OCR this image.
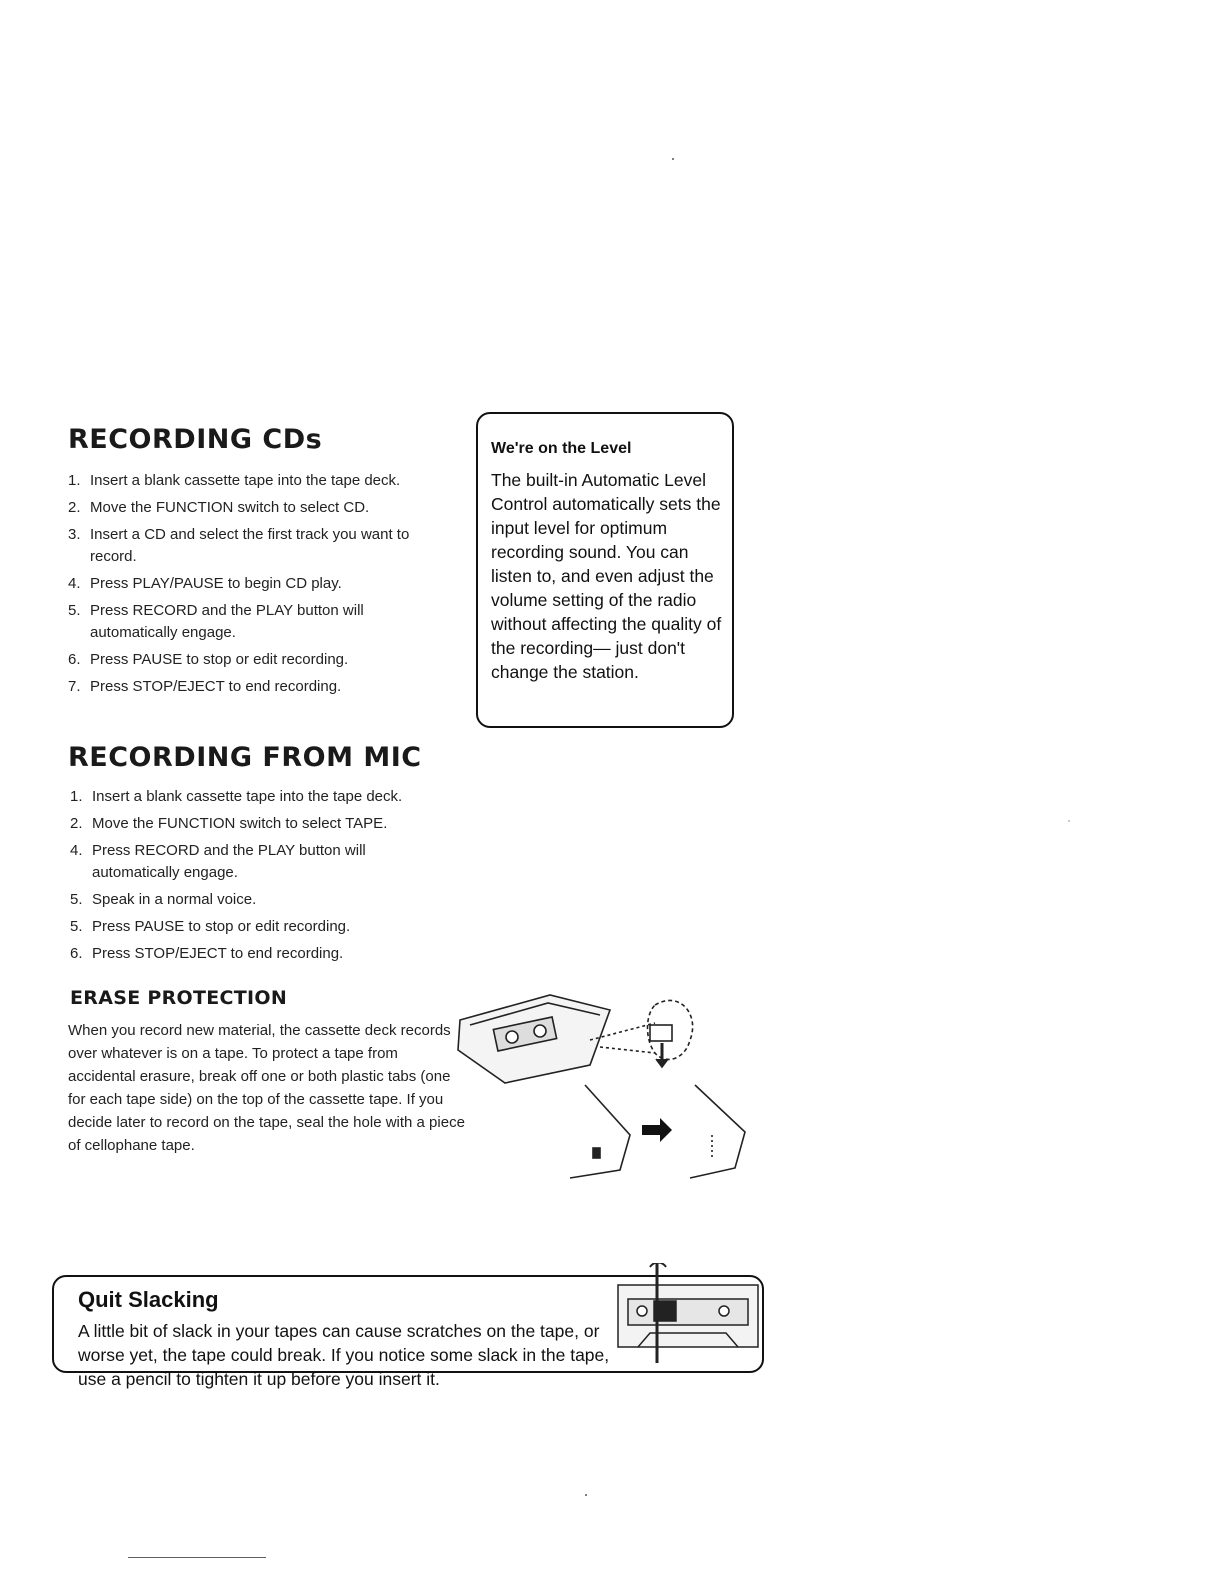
RECORDING CDs
1. Insert a blank cassette tape into the tape deck.
2. Move the FUNCTION switch to select CD.
3. Insert a CD and select the first track you want to record.
4. Press PLAY/PAUSE to begin CD play.
5. Press RECORD and the PLAY button will automatically engage.
6. Press PAUSE to stop or edit recording.
7. Press STOP/EJECT to end recording.
We're on the Level
The built-in Automatic Level Control automatically sets the input level for optimum recording sound. You can listen to, and even adjust the volume setting of the radio without affecting the quality of the recording— just don't change the station.
RECORDING FROM MIC
1. Insert a blank cassette tape into the tape deck.
2. Move the FUNCTION switch to select TAPE.
4. Press RECORD and the PLAY button will automatically engage.
5. Speak in a normal voice.
5. Press PAUSE to stop or edit recording.
6. Press STOP/EJECT to end recording.
ERASE PROTECTION

When you record new material, the cassette deck records over whatever is on a tape. To protect a tape from accidental erasure, break off one or both plastic tabs (one for each tape side) on the top of the cassette tape. If you decide later to record on the tape, seal the hole with a piece of cellophane tape.

Quit Slacking
A little bit of slack in your tapes can cause scratches on the tape, or worse yet, the tape could break. If you notice some slack in the tape, use a pencil to tighten it up before you insert it.
